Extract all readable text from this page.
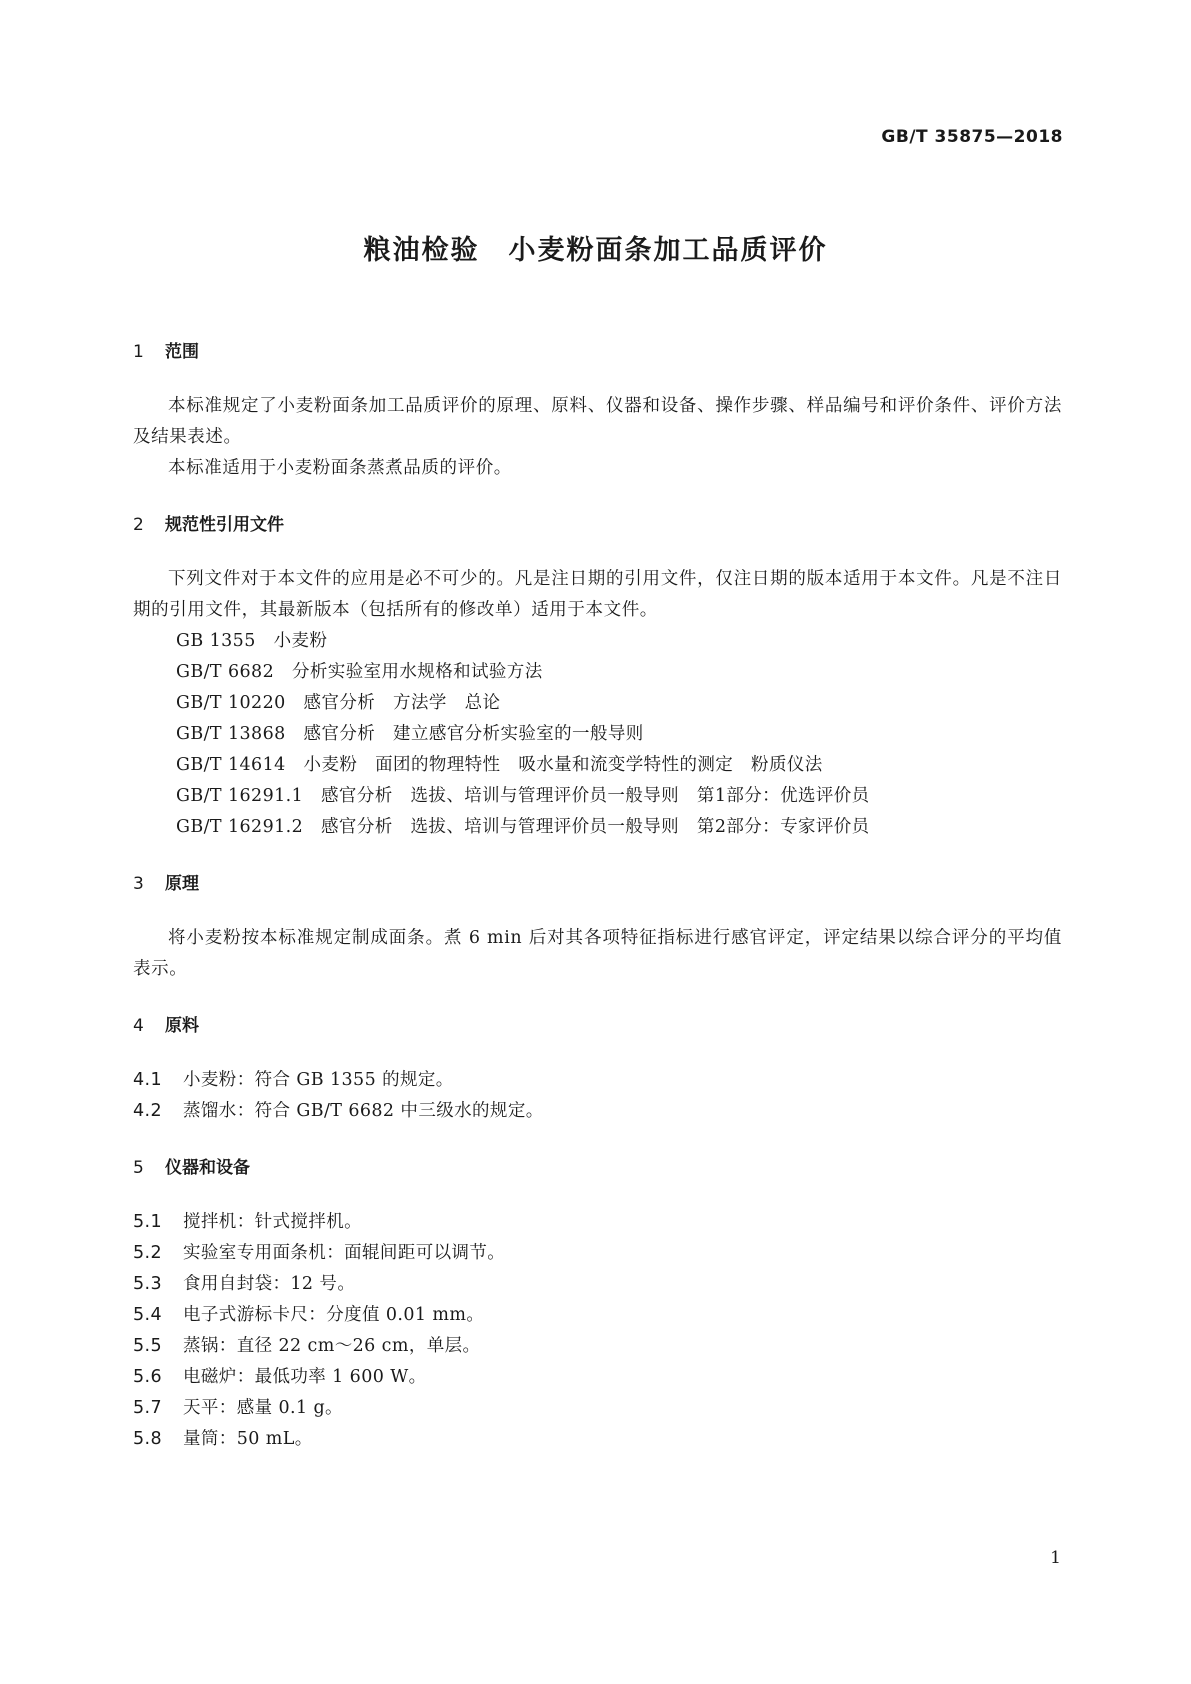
GB/T 35875—2018
粮油检验　小麦粉面条加工品质评价
1 范围
本标准规定了小麦粉面条加工品质评价的原理、原料、仪器和设备、操作步骤、样品编号和评价条件、评价方法及结果表述。
本标准适用于小麦粉面条蒸煮品质的评价。
2 规范性引用文件
下列文件对于本文件的应用是必不可少的。凡是注日期的引用文件，仅注日期的版本适用于本文件。凡是不注日期的引用文件，其最新版本（包括所有的修改单）适用于本文件。
GB 1355　小麦粉
GB/T 6682　分析实验室用水规格和试验方法
GB/T 10220　感官分析　方法学　总论
GB/T 13868　感官分析　建立感官分析实验室的一般导则
GB/T 14614　小麦粉　面团的物理特性　吸水量和流变学特性的测定　粉质仪法
GB/T 16291.1　感官分析　选拔、培训与管理评价员一般导则　第1部分：优选评价员
GB/T 16291.2　感官分析　选拔、培训与管理评价员一般导则　第2部分：专家评价员
3 原理
将小麦粉按本标准规定制成面条。煮 6 min 后对其各项特征指标进行感官评定，评定结果以综合评分的平均值表示。
4 原料
4.1 小麦粉：符合 GB 1355 的规定。
4.2 蒸馏水：符合 GB/T 6682 中三级水的规定。
5 仪器和设备
5.1 搅拌机：针式搅拌机。
5.2 实验室专用面条机：面辊间距可以调节。
5.3 食用自封袋：12 号。
5.4 电子式游标卡尺：分度值 0.01 mm。
5.5 蒸锅：直径 22 cm～26 cm，单层。
5.6 电磁炉：最低功率 1 600 W。
5.7 天平：感量 0.1 g。
5.8 量筒：50 mL。
1
